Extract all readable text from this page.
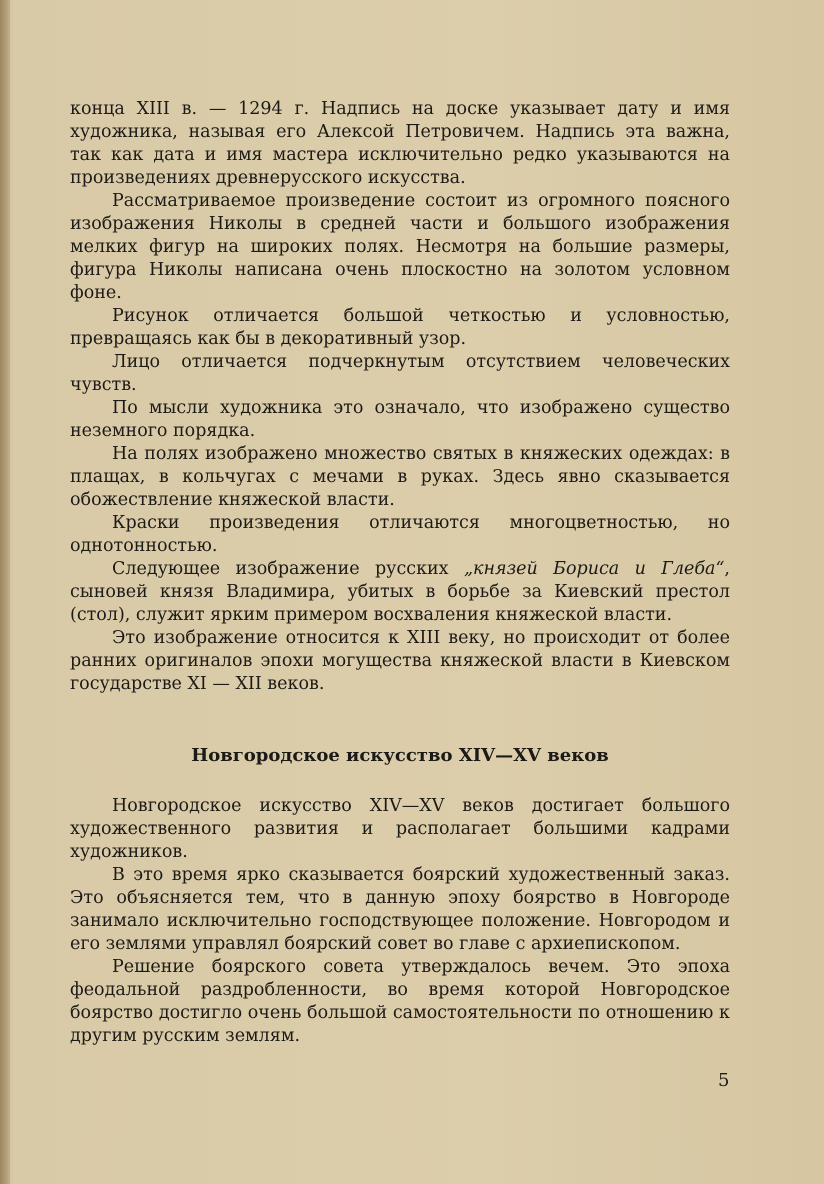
конца XIII в. — 1294 г. Надпись на доске указывает дату и имя художника, называя его Алексой Петровичем. Надпись эта важна, так как дата и имя мастера исключительно редко указываются на произведениях древнерусского искусства.

Рассматриваемое произведение состоит из огромного поясного изображения Николы в средней части и большого изображения мелких фигур на широких полях. Несмотря на большие размеры, фигура Николы написана очень плоскостно на золотом условном фоне.

Рисунок отличается большой четкостью и условностью, превращаясь как бы в декоративный узор.

Лицо отличается подчеркнутым отсутствием человеческих чувств.

По мысли художника это означало, что изображено существо неземного порядка.

На полях изображено множество святых в княжеских одеждах: в плащах, в кольчугах с мечами в руках. Здесь явно сказывается обожествление княжеской власти.

Краски произведения отличаются многоцветностью, но однотонностью.

Следующее изображение русских „князей Бориса и Глеба“, сыновей князя Владимира, убитых в борьбе за Киевский престол (стол), служит ярким примером восхваления княжеской власти.

Это изображение относится к XIII веку, но происходит от более ранних оригиналов эпохи могущества княжеской власти в Киевском государстве XI — XII веков.

Новгородское искусство XIV—XV веков

Новгородское искусство XIV—XV веков достигает большого художественного развития и располагает большими кадрами художников.

В это время ярко сказывается боярский художественный заказ. Это объясняется тем, что в данную эпоху боярство в Новгороде занимало исключительно господствующее положение. Новгородом и его землями управлял боярский совет во главе с архиепископом.

Решение боярского совета утверждалось вечем. Это эпоха феодальной раздробленности, во время которой Новгородское боярство достигло очень большой самостоятельности по отношению к другим русским землям.

5
